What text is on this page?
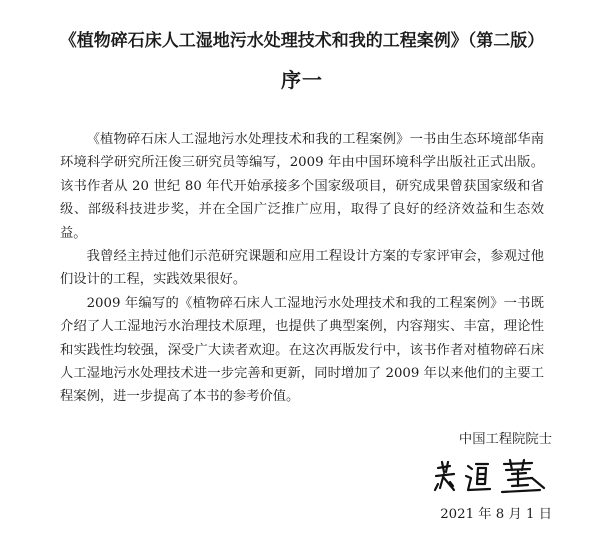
《植物碎石床人工湿地污水处理技术和我的工程案例》（第二版）
序一

《植物碎石床人工湿地污水处理技术和我的工程案例》一书由生态环境部华南环境科学研究所汪俊三研究员等编写，2009 年由中国环境科学出版社正式出版。该书作者从 20 世纪 80 年代开始承接多个国家级项目，研究成果曾获国家级和省级、部级科技进步奖，并在全国广泛推广应用，取得了良好的经济效益和生态效益。

我曾经主持过他们示范研究课题和应用工程设计方案的专家评审会，参观过他们设计的工程，实践效果很好。

2009 年编写的《植物碎石床人工湿地污水处理技术和我的工程案例》一书既介绍了人工湿地污水治理技术原理，也提供了典型案例，内容翔实、丰富，理论性和实践性均较强，深受广大读者欢迎。在这次再版发行中，该书作者对植物碎石床人工湿地污水处理技术进一步完善和更新，同时增加了 2009 年以来他们的主要工程案例，进一步提高了本书的参考价值。

中国工程院院士
2021 年 8 月 1 日
